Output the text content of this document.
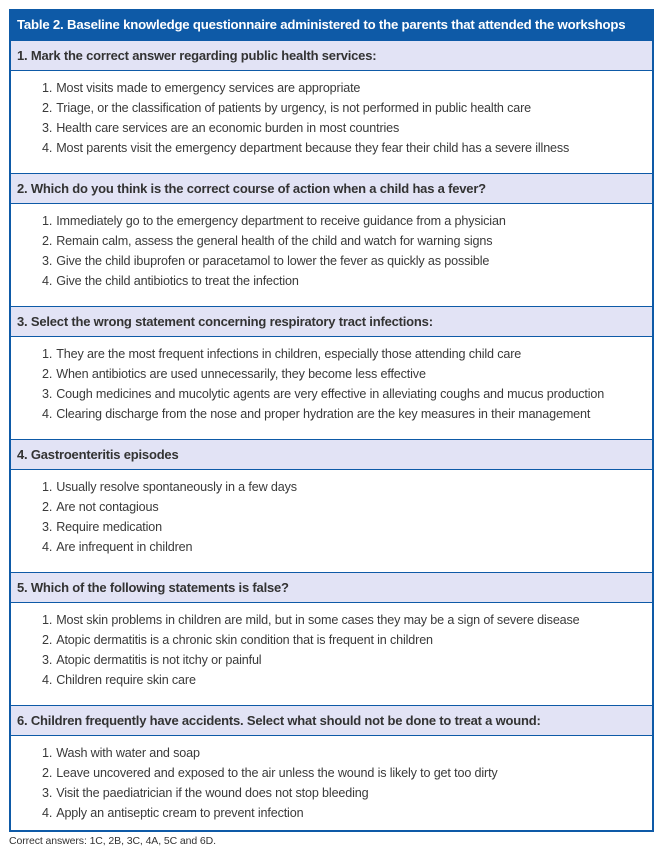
Table 2. Baseline knowledge questionnaire administered to the parents that attended the workshops
1. Mark the correct answer regarding public health services:
1. Most visits made to emergency services are appropriate
2. Triage, or the classification of patients by urgency, is not performed in public health care
3. Health care services are an economic burden in most countries
4. Most parents visit the emergency department because they fear their child has a severe illness
2. Which do you think is the correct course of action when a child has a fever?
1. Immediately go to the emergency department to receive guidance from a physician
2. Remain calm, assess the general health of the child and watch for warning signs
3. Give the child ibuprofen or paracetamol to lower the fever as quickly as possible
4. Give the child antibiotics to treat the infection
3. Select the wrong statement concerning respiratory tract infections:
1. They are the most frequent infections in children, especially those attending child care
2. When antibiotics are used unnecessarily, they become less effective
3. Cough medicines and mucolytic agents are very effective in alleviating coughs and mucus production
4. Clearing discharge from the nose and proper hydration are the key measures in their management
4. Gastroenteritis episodes
1. Usually resolve spontaneously in a few days
2. Are not contagious
3. Require medication
4. Are infrequent in children
5. Which of the following statements is false?
1. Most skin problems in children are mild, but in some cases they may be a sign of severe disease
2. Atopic dermatitis is a chronic skin condition that is frequent in children
3. Atopic dermatitis is not itchy or painful
4. Children require skin care
6. Children frequently have accidents. Select what should not be done to treat a wound:
1. Wash with water and soap
2. Leave uncovered and exposed to the air unless the wound is likely to get too dirty
3. Visit the paediatrician if the wound does not stop bleeding
4. Apply an antiseptic cream to prevent infection
Correct answers: 1C, 2B, 3C, 4A, 5C and 6D.
